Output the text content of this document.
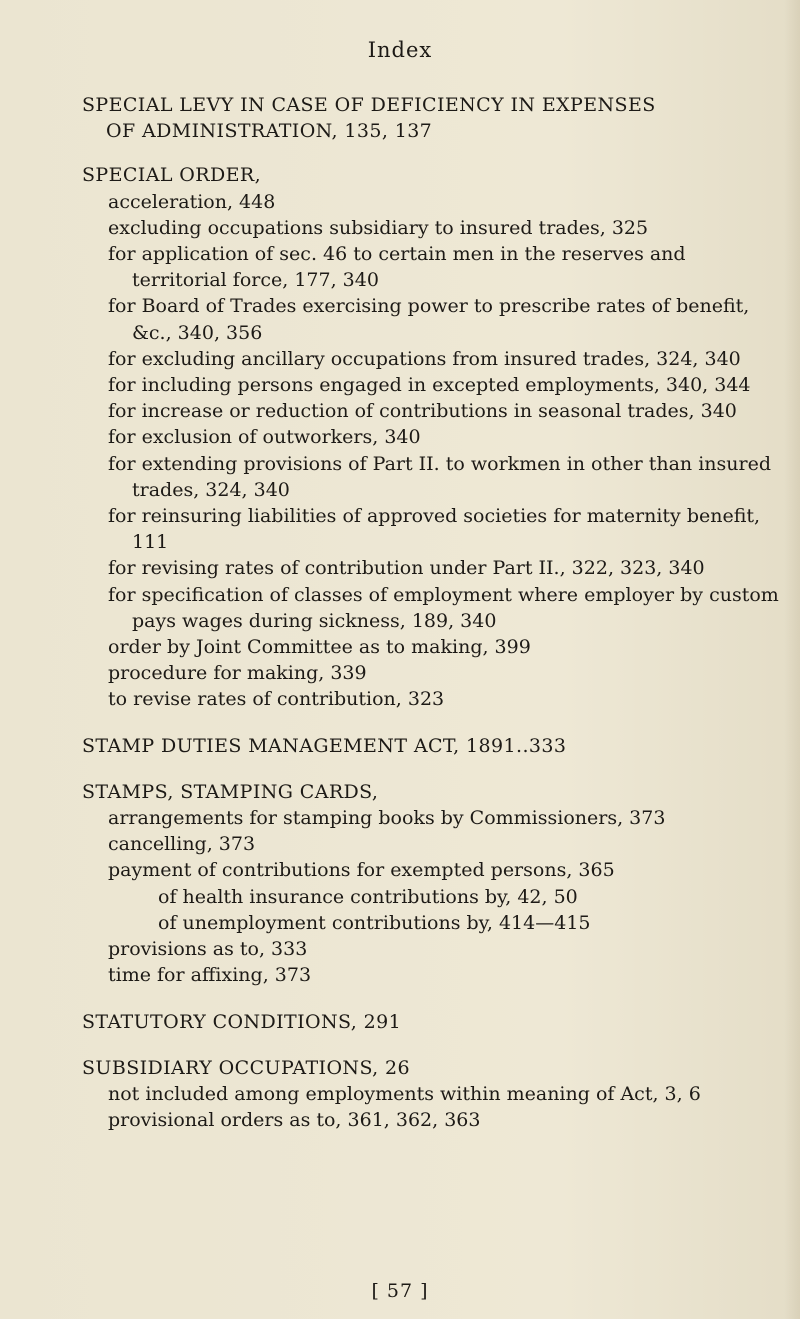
Index

SPECIAL LEVY IN CASE OF DEFICIENCY IN EXPENSES

OF ADMINISTRATION, 135, 137

SPECIAL ORDER,

acceleration, 448

excluding occupations subsidiary to insured trades, 325

for application of sec. 46 to certain men in the reserves and territorial force, 177, 340

for Board of Trades exercising power to prescribe rates of benefit, &c., 340, 356

for excluding ancillary occupations from insured trades, 324, 340

for including persons engaged in excepted employments, 340, 344

for increase or reduction of contributions in seasonal trades, 340

for exclusion of outworkers, 340

for extending provisions of Part II. to workmen in other than insured trades, 324, 340

for reinsuring liabilities of approved societies for maternity benefit, 111

for revising rates of contribution under Part II., 322, 323, 340

for specification of classes of employment where employer by custom pays wages during sickness, 189, 340

order by Joint Committee as to making, 399

procedure for making, 339

to revise rates of contribution, 323

STAMP DUTIES MANAGEMENT ACT, 1891..333

STAMPS, STAMPING CARDS,

arrangements for stamping books by Commissioners, 373

cancelling, 373

payment of contributions for exempted persons, 365

of health insurance contributions by, 42, 50

of unemployment contributions by, 414—415

provisions as to, 333

time for affixing, 373

STATUTORY CONDITIONS, 291

SUBSIDIARY OCCUPATIONS, 26

not included among employments within meaning of Act, 3, 6

provisional orders as to, 361, 362, 363

[ 57 ]
